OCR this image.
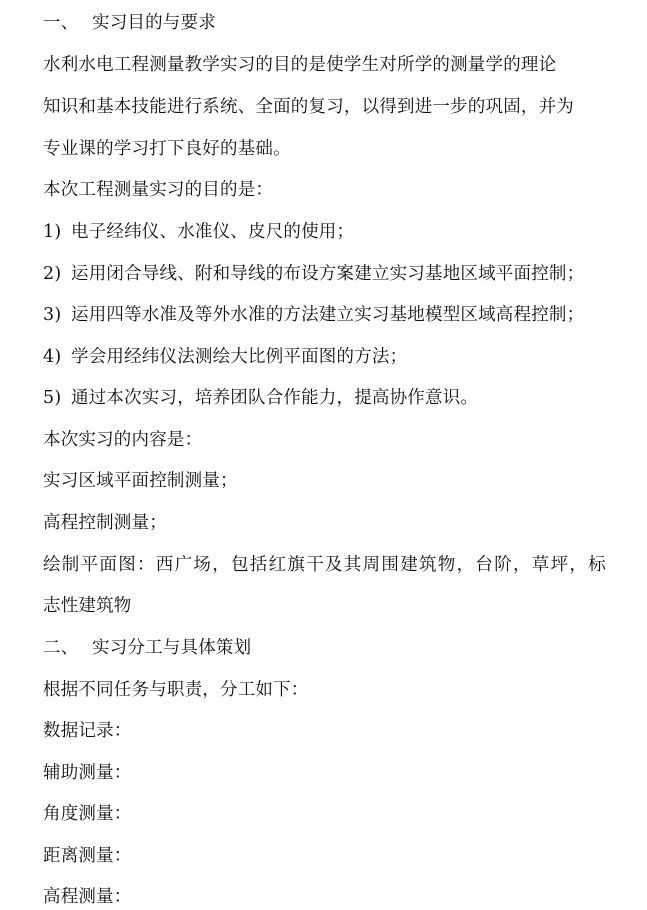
一、 实习目的与要求
水利水电工程测量教学实习的目的是使学生对所学的测量学的理论
知识和基本技能进行系统、全面的复习，以得到进一步的巩固，并为
专业课的学习打下良好的基础。
本次工程测量实习的目的是：
1) 电子经纬仪、水准仪、皮尺的使用；
2) 运用闭合导线、附和导线的布设方案建立实习基地区域平面控制；
3) 运用四等水准及等外水准的方法建立实习基地模型区域高程控制；
4) 学会用经纬仪法测绘大比例平面图的方法；
5) 通过本次实习，培养团队合作能力，提高协作意识。
本次实习的内容是：
实习区域平面控制测量；
高程控制测量；
绘制平面图：西广场，包括红旗干及其周围建筑物，台阶，草坪，标
志性建筑物
二、 实习分工与具体策划
根据不同任务与职责，分工如下：
数据记录：
辅助测量：
角度测量：
距离测量：
高程测量：
